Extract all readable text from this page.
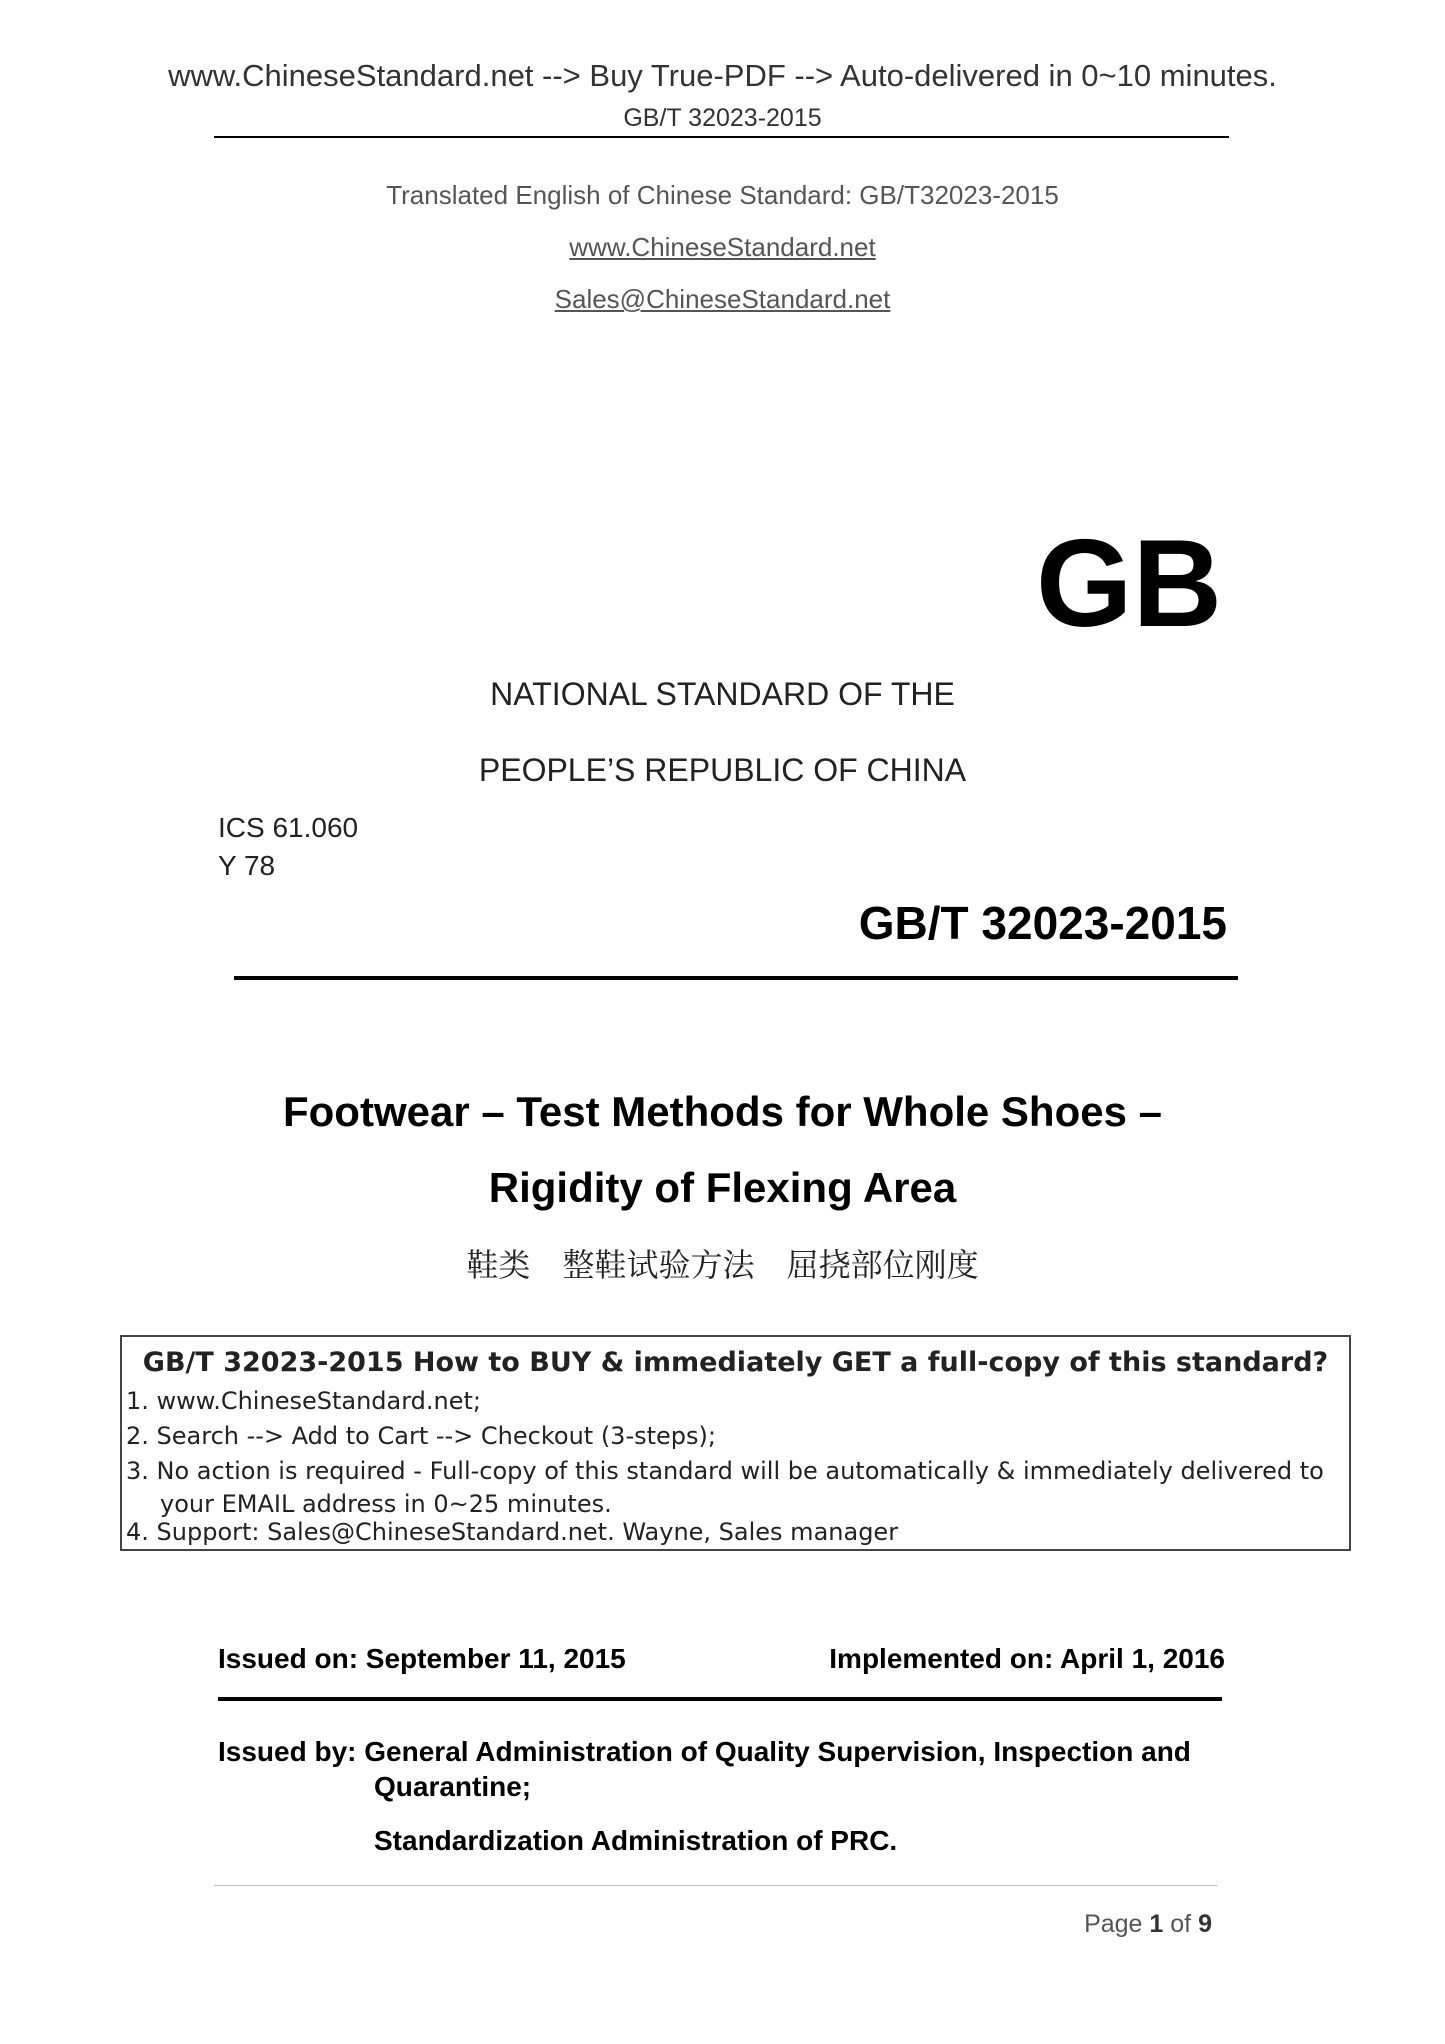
www.ChineseStandard.net --> Buy True-PDF --> Auto-delivered in 0~10 minutes.
GB/T 32023-2015
Translated English of Chinese Standard: GB/T32023-2015
www.ChineseStandard.net
Sales@ChineseStandard.net
GB
NATIONAL STANDARD OF THE
PEOPLE’S REPUBLIC OF CHINA
ICS 61.060
Y 78
GB/T 32023-2015
Footwear – Test Methods for Whole Shoes –
Rigidity of Flexing Area
鞋类 整鞋试验方法 屈挠部位刚度
GB/T 32023-2015 How to BUY & immediately GET a full-copy of this standard?
1. www.ChineseStandard.net;
2. Search --> Add to Cart --> Checkout (3-steps);
3. No action is required - Full-copy of this standard will be automatically & immediately delivered to
your EMAIL address in 0~25 minutes.
4. Support: Sales@ChineseStandard.net. Wayne, Sales manager
Issued on: September 11, 2015	Implemented on: April 1, 2016
Issued by: General Administration of Quality Supervision, Inspection and
Quarantine;
Standardization Administration of PRC.
Page 1 of 9
